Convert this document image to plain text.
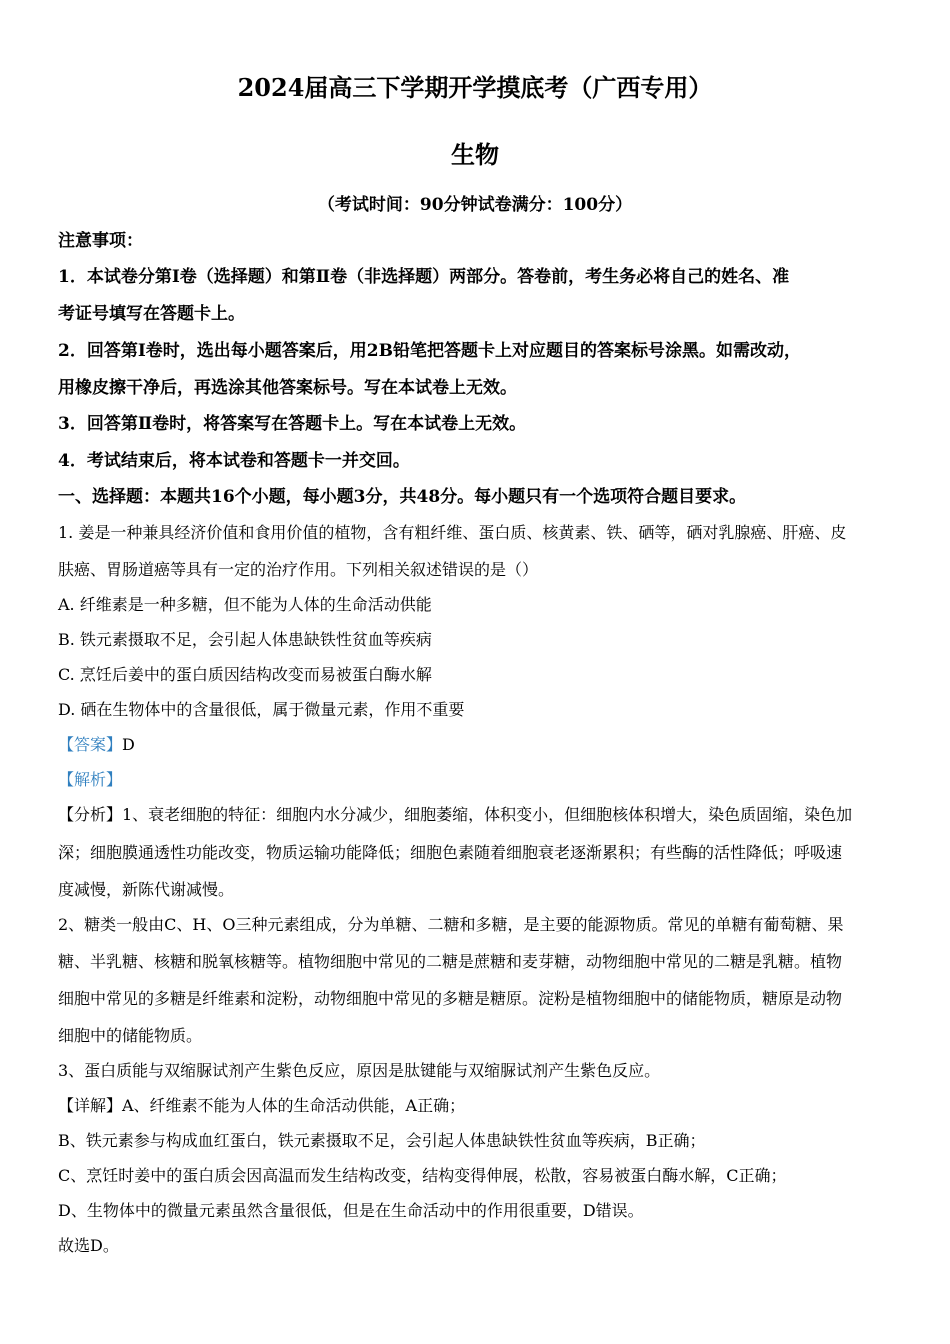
2024届高三下学期开学摸底考（广西专用）
生物
（考试时间：90分钟试卷满分：100分）
注意事项：
1．本试卷分第Ⅰ卷（选择题）和第Ⅱ卷（非选择题）两部分。答卷前，考生务必将自己的姓名、准
考证号填写在答题卡上。
2．回答第Ⅰ卷时，选出每小题答案后，用2B铅笔把答题卡上对应题目的答案标号涂黑。如需改动，
用橡皮擦干净后，再选涂其他答案标号。写在本试卷上无效。
3．回答第Ⅱ卷时，将答案写在答题卡上。写在本试卷上无效。
4．考试结束后，将本试卷和答题卡一并交回。
一、选择题：本题共16个小题，每小题3分，共48分。每小题只有一个选项符合题目要求。
1. 姜是一种兼具经济价值和食用价值的植物，含有粗纤维、蛋白质、核黄素、铁、硒等，硒对乳腺癌、肝癌、皮
肤癌、胃肠道癌等具有一定的治疗作用。下列相关叙述错误的是（）
A. 纤维素是一种多糖，但不能为人体的生命活动供能
B. 铁元素摄取不足，会引起人体患缺铁性贫血等疾病
C. 烹饪后姜中的蛋白质因结构改变而易被蛋白酶水解
D. 硒在生物体中的含量很低，属于微量元素，作用不重要
【答案】D
【解析】
【分析】1、衰老细胞的特征：细胞内水分减少，细胞萎缩，体积变小，但细胞核体积增大，染色质固缩，染色加
深；细胞膜通透性功能改变，物质运输功能降低；细胞色素随着细胞衰老逐渐累积；有些酶的活性降低；呼吸速
度减慢，新陈代谢减慢。
2、糖类一般由C、H、O三种元素组成，分为单糖、二糖和多糖，是主要的能源物质。常见的单糖有葡萄糖、果
糖、半乳糖、核糖和脱氧核糖等。植物细胞中常见的二糖是蔗糖和麦芽糖，动物细胞中常见的二糖是乳糖。植物
细胞中常见的多糖是纤维素和淀粉，动物细胞中常见的多糖是糖原。淀粉是植物细胞中的储能物质，糖原是动物
细胞中的储能物质。
3、蛋白质能与双缩脲试剂产生紫色反应，原因是肽键能与双缩脲试剂产生紫色反应。
【详解】A、纤维素不能为人体的生命活动供能，A正确；
B、铁元素参与构成血红蛋白，铁元素摄取不足，会引起人体患缺铁性贫血等疾病，B正确；
C、烹饪时姜中的蛋白质会因高温而发生结构改变，结构变得伸展，松散，容易被蛋白酶水解，C正确；
D、生物体中的微量元素虽然含量很低，但是在生命活动中的作用很重要，D错误。
故选D。
